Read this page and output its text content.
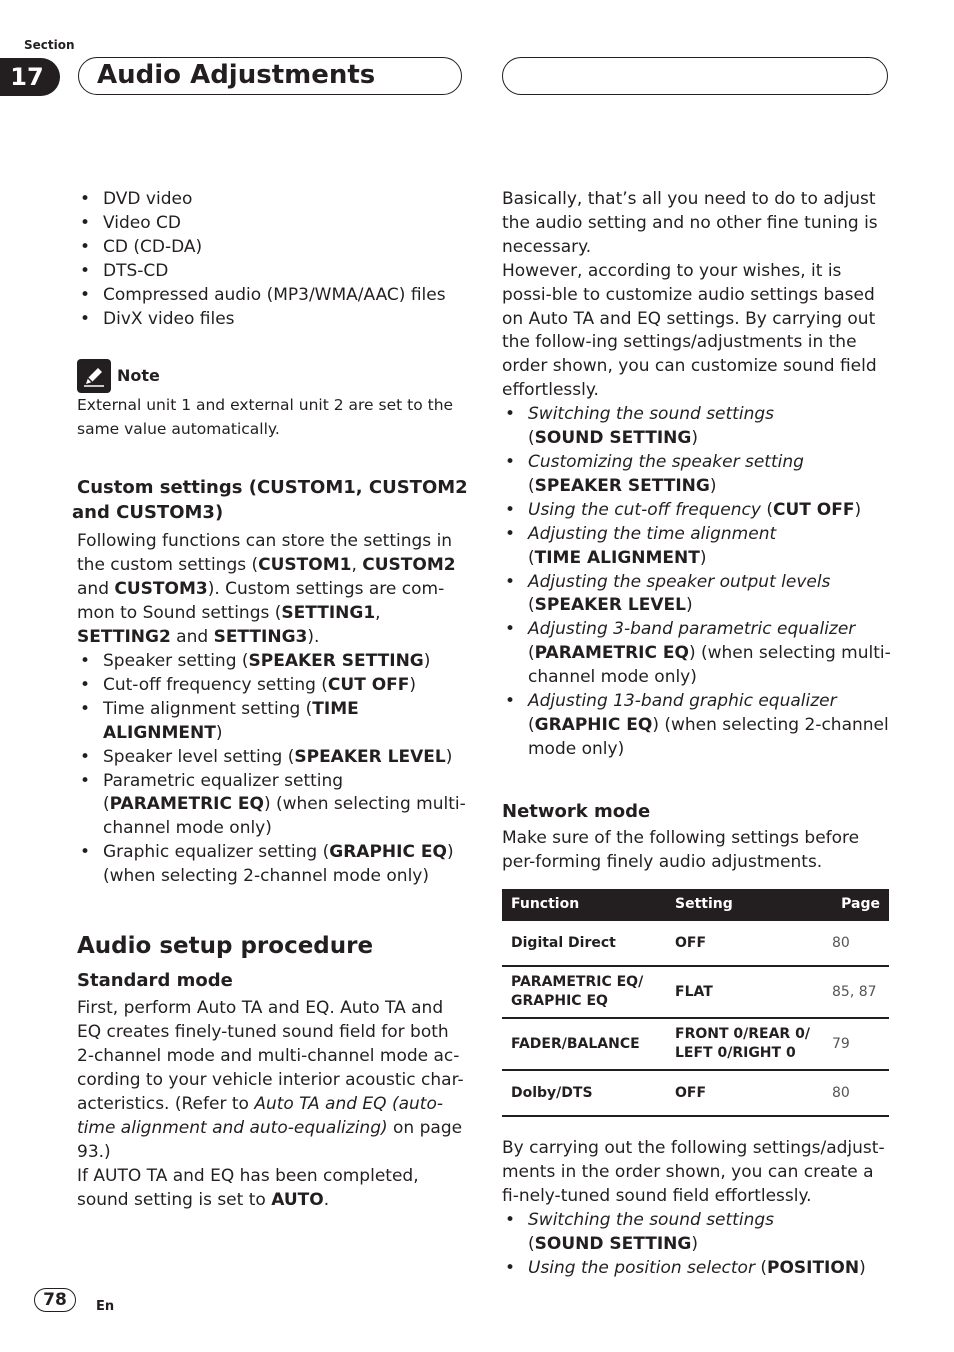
Section
17	Audio Adjustments
• DVD video
• Video CD
• CD (CD-DA)
• DTS-CD
• Compressed audio (MP3/WMA/AAC) files
• DivX video files
Note

External unit 1 and external unit 2 are set to the same value automatically.

Custom settings (CUSTOM1, CUSTOM2
and CUSTOM3)

Following functions can store the settings in the custom settings (CUSTOM1, CUSTOM2 and CUSTOM3). Custom settings are com-mon to Sound settings (SETTING1, SETTING2 and SETTING3).

• Speaker setting (SPEAKER SETTING)
• Cut-off frequency setting (CUT OFF)
• Time alignment setting (TIME ALIGNMENT)
• Speaker level setting (SPEAKER LEVEL)
• Parametric equalizer setting (PARAMETRIC EQ) (when selecting multi-channel mode only)
• Graphic equalizer setting (GRAPHIC EQ) (when selecting 2-channel mode only)
Audio setup procedure
Standard mode

First, perform Auto TA and EQ. Auto TA and EQ creates finely-tuned sound field for both 2-channel mode and multi-channel mode ac-cording to your vehicle interior acoustic char-acteristics. (Refer to Auto TA and EQ (auto-time alignment and auto-equalizing) on page 93.)

If AUTO TA and EQ has been completed, sound setting is set to AUTO.

Basically, that’s all you need to do to adjust the audio setting and no other fine tuning is necessary.

However, according to your wishes, it is possi-ble to customize audio settings based on Auto TA and EQ settings. By carrying out the follow-ing settings/adjustments in the order shown, you can customize sound field effortlessly.

• Switching the sound settings
(SOUND SETTING)
• Customizing the speaker setting
(SPEAKER SETTING)
• Using the cut-off frequency (CUT OFF)
• Adjusting the time alignment
(TIME ALIGNMENT)
• Adjusting the speaker output levels
(SPEAKER LEVEL)
• Adjusting 3-band parametric equalizer
(PARAMETRIC EQ) (when selecting multi-channel mode only)
• Adjusting 13-band graphic equalizer
(GRAPHIC EQ) (when selecting 2-channel mode only)
Network mode

Make sure of the following settings before per-forming finely audio adjustments.

Function	Setting	Page
Digital Direct	OFF	80
PARAMETRIC EQ/ GRAPHIC EQ	FLAT	85, 87
FADER/BALANCE	FRONT 0/REAR 0/ LEFT 0/RIGHT 0	79
Dolby/DTS	OFF	80

By carrying out the following settings/adjust-ments in the order shown, you can create a fi-nely-tuned sound field effortlessly.

• Switching the sound settings
(SOUND SETTING)
• Using the position selector (POSITION)
78	En
